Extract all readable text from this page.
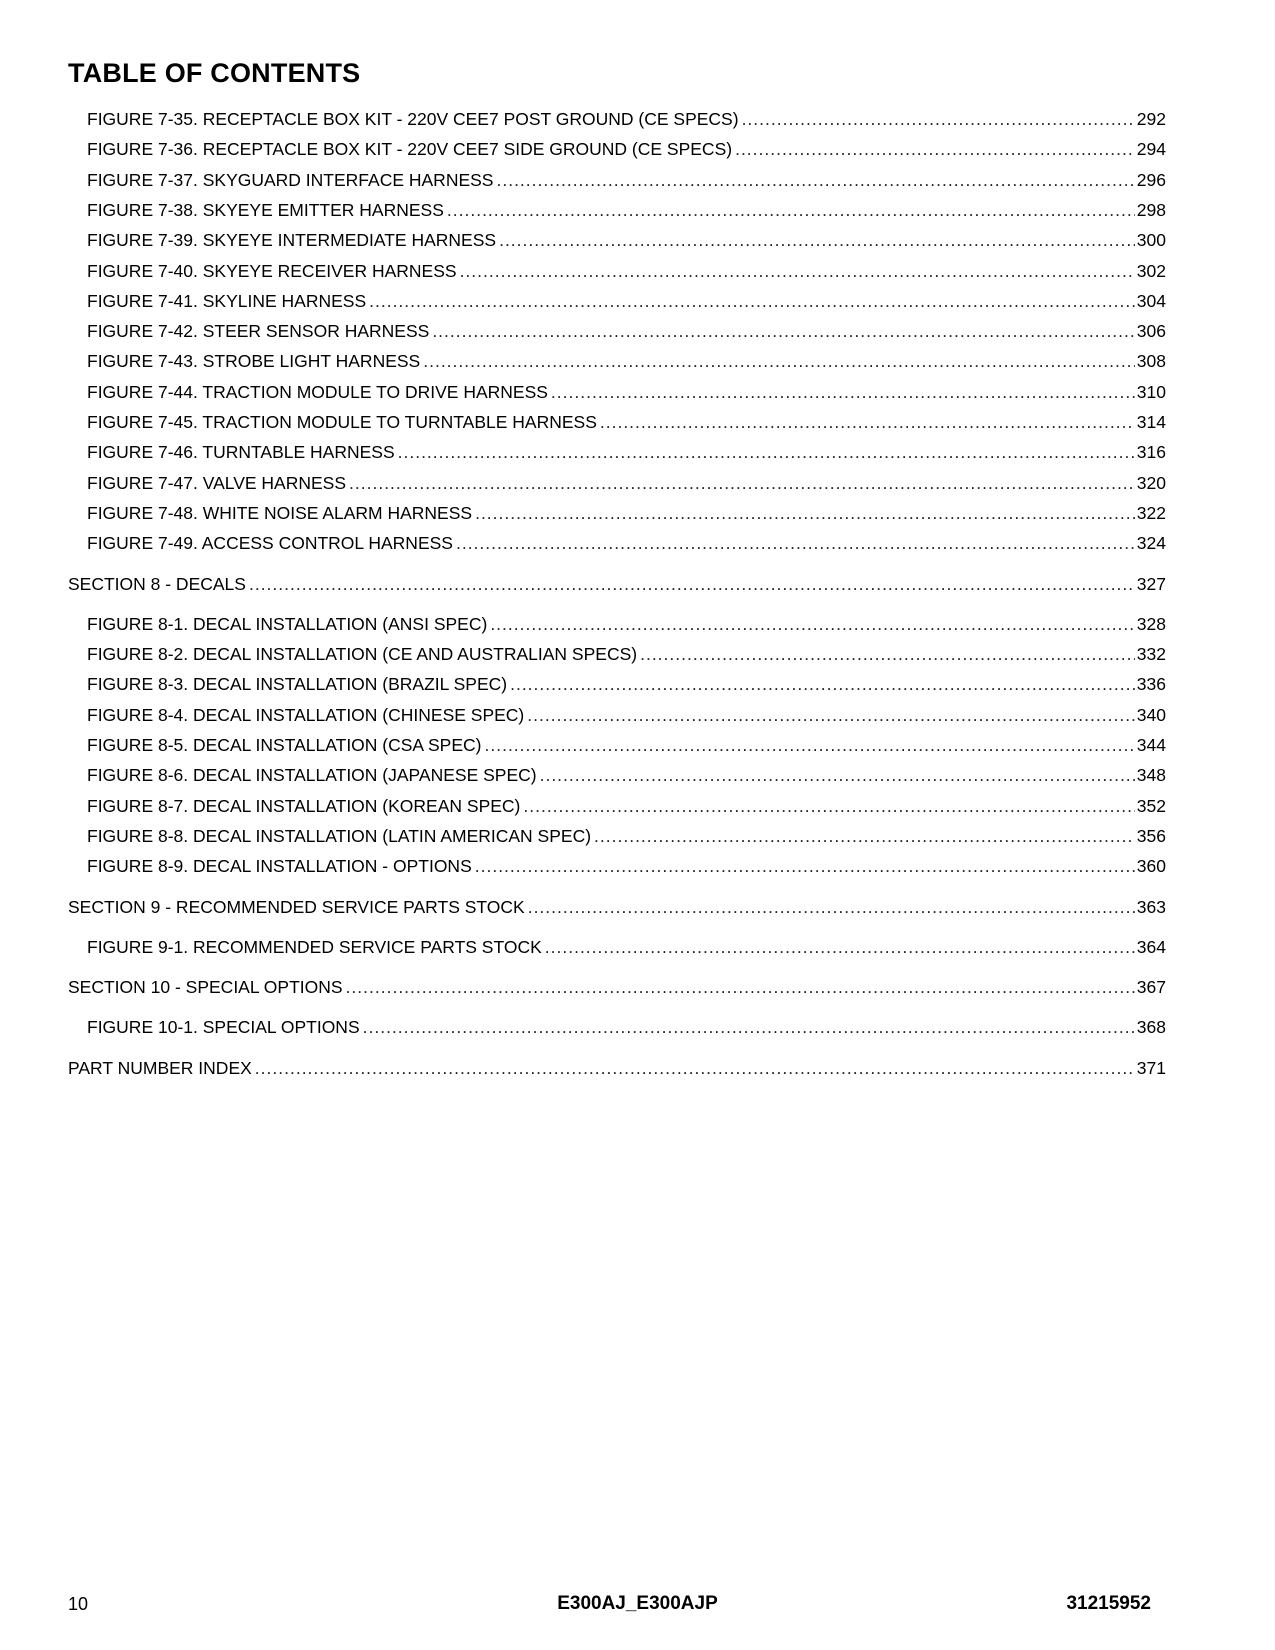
TABLE OF CONTENTS
FIGURE 7-35. RECEPTACLE BOX KIT - 220V CEE7 POST GROUND (CE SPECS) .....	292
FIGURE 7-36. RECEPTACLE BOX KIT - 220V CEE7 SIDE GROUND (CE SPECS) .....	294
FIGURE 7-37. SKYGUARD INTERFACE HARNESS .....	296
FIGURE 7-38. SKYEYE EMITTER HARNESS .....	298
FIGURE 7-39. SKYEYE INTERMEDIATE HARNESS .....	300
FIGURE 7-40. SKYEYE RECEIVER HARNESS .....	302
FIGURE 7-41. SKYLINE HARNESS .....	304
FIGURE 7-42. STEER SENSOR HARNESS .....	306
FIGURE 7-43. STROBE LIGHT HARNESS .....	308
FIGURE 7-44. TRACTION MODULE TO DRIVE HARNESS .....	310
FIGURE 7-45. TRACTION MODULE TO TURNTABLE HARNESS .....	314
FIGURE 7-46. TURNTABLE HARNESS .....	316
FIGURE 7-47. VALVE HARNESS .....	320
FIGURE 7-48. WHITE NOISE ALARM HARNESS .....	322
FIGURE 7-49. ACCESS CONTROL HARNESS .....	324
SECTION 8 - DECALS .....	327
FIGURE 8-1. DECAL INSTALLATION (ANSI SPEC) .....	328
FIGURE 8-2. DECAL INSTALLATION (CE AND AUSTRALIAN SPECS) .....	332
FIGURE 8-3. DECAL INSTALLATION (BRAZIL SPEC) .....	336
FIGURE 8-4. DECAL INSTALLATION (CHINESE SPEC) .....	340
FIGURE 8-5. DECAL INSTALLATION (CSA SPEC) .....	344
FIGURE 8-6. DECAL INSTALLATION (JAPANESE SPEC) .....	348
FIGURE 8-7. DECAL INSTALLATION (KOREAN SPEC) .....	352
FIGURE 8-8. DECAL INSTALLATION (LATIN AMERICAN SPEC) .....	356
FIGURE 8-9. DECAL INSTALLATION - OPTIONS .....	360
SECTION 9 - RECOMMENDED SERVICE PARTS STOCK .....	363
FIGURE 9-1. RECOMMENDED SERVICE PARTS STOCK .....	364
SECTION 10 - SPECIAL OPTIONS .....	367
FIGURE 10-1. SPECIAL OPTIONS .....	368
PART NUMBER INDEX .....	371
10	E300AJ_E300AJP	31215952
